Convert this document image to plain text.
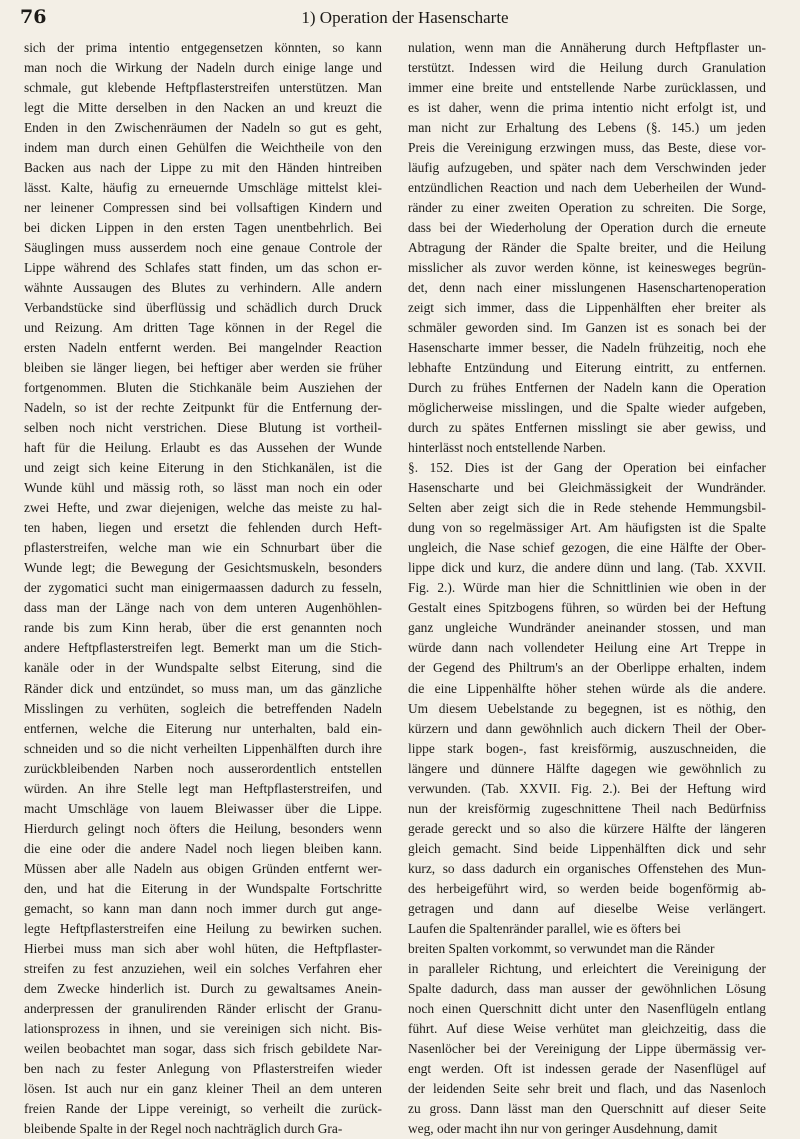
76	1) Operation der Hasenscharte
sich der prima intentio entgegensetzen könnten, so kann
man noch die Wirkung der Nadeln durch einige lange und
schmale, gut klebende Heftpflasterstreifen unterstützen. Man
legt die Mitte derselben in den Nacken an und kreuzt die
Enden in den Zwischenräumen der Nadeln so gut es geht,
indem man durch einen Gehülfen die Weichtheile von den
Backen aus nach der Lippe zu mit den Händen hintreiben
lässt. Kalte, häufig zu erneuernde Umschläge mittelst klei-
ner leinener Compressen sind bei vollsaftigen Kindern und
bei dicken Lippen in den ersten Tagen unentbehrlich. Bei
Säuglingen muss ausserdem noch eine genaue Controle der
Lippe während des Schlafes statt finden, um das schon er-
wähnte Aussaugen des Blutes zu verhindern. Alle andern
Verbandstücke sind überflüssig und schädlich durch Druck
und Reizung. Am dritten Tage können in der Regel die
ersten Nadeln entfernt werden. Bei mangelnder Reaction
bleiben sie länger liegen, bei heftiger aber werden sie früher
fortgenommen. Bluten die Stichkanäle beim Ausziehen der
Nadeln, so ist der rechte Zeitpunkt für die Entfernung der-
selben noch nicht verstrichen. Diese Blutung ist vortheil-
haft für die Heilung. Erlaubt es das Aussehen der Wunde
und zeigt sich keine Eiterung in den Stichkanälen, ist die
Wunde kühl und mässig roth, so lässt man noch ein oder
zwei Hefte, und zwar diejenigen, welche das meiste zu hal-
ten haben, liegen und ersetzt die fehlenden durch Heft-
pflasterstreifen, welche man wie ein Schnurbart über die
Wunde legt; die Bewegung der Gesichtsmuskeln, besonders
der zygomatici sucht man einigermaassen dadurch zu fesseln,
dass man der Länge nach von dem unteren Augenhöhlen-
rande bis zum Kinn herab, über die erst genannten noch
andere Heftpflasterstreifen legt. Bemerkt man um die Stich-
kanäle oder in der Wundspalte selbst Eiterung, sind die
Ränder dick und entzündet, so muss man, um das gänzliche
Misslingen zu verhüten, sogleich die betreffenden Nadeln
entfernen, welche die Eiterung nur unterhalten, bald ein-
schneiden und so die nicht verheilten Lippenhälften durch ihre
zurückbleibenden Narben noch ausserordentlich entstellen
würden. An ihre Stelle legt man Heftpflasterstreifen, und
macht Umschläge von lauem Bleiwasser über die Lippe.
Hierdurch gelingt noch öfters die Heilung, besonders wenn
die eine oder die andere Nadel noch liegen bleiben kann.
Müssen aber alle Nadeln aus obigen Gründen entfernt wer-
den, und hat die Eiterung in der Wundspalte Fortschritte
gemacht, so kann man dann noch immer durch gut ange-
legte Heftpflasterstreifen eine Heilung zu bewirken suchen.
Hierbei muss man sich aber wohl hüten, die Heftpflaster-
streifen zu fest anzuziehen, weil ein solches Verfahren eher
dem Zwecke hinderlich ist. Durch zu gewaltsames Anein-
anderpressen der granulirenden Ränder erlischt der Granu-
lationsprozess in ihnen, und sie vereinigen sich nicht. Bis-
weilen beobachtet man sogar, dass sich frisch gebildete Nar-
ben nach zu fester Anlegung von Pflasterstreifen wieder
lösen. Ist auch nur ein ganz kleiner Theil an dem unteren
freien Rande der Lippe vereinigt, so verheilt die zurück-
bleibende Spalte in der Regel noch nachträglich durch Gra-
nulation, wenn man die Annäherung durch Heftpflaster un-
terstützt. Indessen wird die Heilung durch Granulation
immer eine breite und entstellende Narbe zurücklassen, und
es ist daher, wenn die prima intentio nicht erfolgt ist, und
man nicht zur Erhaltung des Lebens (§. 145.) um jeden
Preis die Vereinigung erzwingen muss, das Beste, diese vor-
läufig aufzugeben, und später nach dem Verschwinden jeder
entzündlichen Reaction und nach dem Ueberheilen der Wund-
ränder zu einer zweiten Operation zu schreiten. Die Sorge,
dass bei der Wiederholung der Operation durch die erneute
Abtragung der Ränder die Spalte breiter, und die Heilung
misslicher als zuvor werden könne, ist keinesweges begrün-
det, denn nach einer misslungenen Hasenschartenoperation
zeigt sich immer, dass die Lippenhälften eher breiter als
schmäler geworden sind. Im Ganzen ist es sonach bei der
Hasenscharte immer besser, die Nadeln frühzeitig, noch ehe
lebhafte Entzündung und Eiterung eintritt, zu entfernen.
Durch zu frühes Entfernen der Nadeln kann die Operation
möglicherweise misslingen, und die Spalte wieder aufgeben,
durch zu spätes Entfernen misslingt sie aber gewiss, und
hinterlässt noch entstellende Narben.
§. 152. Dies ist der Gang der Operation bei einfacher
Hasenscharte und bei Gleichmässigkeit der Wundränder.
Selten aber zeigt sich die in Rede stehende Hemmungsbil-
dung von so regelmässiger Art. Am häufigsten ist die Spalte
ungleich, die Nase schief gezogen, die eine Hälfte der Ober-
lippe dick und kurz, die andere dünn und lang. (Tab. XXVII.
Fig. 2.). Würde man hier die Schnittlinien wie oben in der
Gestalt eines Spitzbogens führen, so würden bei der Heftung
ganz ungleiche Wundränder aneinander stossen, und man
würde dann nach vollendeter Heilung eine Art Treppe in
der Gegend des Philtrum's an der Oberlippe erhalten, indem
die eine Lippenhälfte höher stehen würde als die andere.
Um diesem Uebelstande zu begegnen, ist es nöthig, den
kürzern und dann gewöhnlich auch dickern Theil der Ober-
lippe stark bogen-, fast kreisförmig, auszuschneiden, die
längere und dünnere Hälfte dagegen wie gewöhnlich zu
verwunden. (Tab. XXVII. Fig. 2.). Bei der Heftung wird
nun der kreisförmig zugeschnittene Theil nach Bedürfniss
gerade gereckt und so also die kürzere Hälfte der längeren
gleich gemacht. Sind beide Lippenhälften dick und sehr
kurz, so dass dadurch ein organisches Offenstehen des Mun-
des herbeigeführt wird, so werden beide bogenförmig ab-
getragen und dann auf dieselbe Weise verlängert.
Laufen die Spaltenränder parallel, wie es öfters bei
breiten Spalten vorkommt, so verwundet man die Ränder
in paralleler Richtung, und erleichtert die Vereinigung der
Spalte dadurch, dass man ausser der gewöhnlichen Lösung
noch einen Querschnitt dicht unter den Nasenflügeln entlang
führt. Auf diese Weise verhütet man gleichzeitig, dass die
Nasenlöcher bei der Vereinigung der Lippe übermässig ver-
engt werden. Oft ist indessen gerade der Nasenflügel auf
der leidenden Seite sehr breit und flach, und das Nasenloch
zu gross. Dann lässt man den Querschnitt auf dieser Seite
weg, oder macht ihn nur von geringer Ausdehnung, damit
